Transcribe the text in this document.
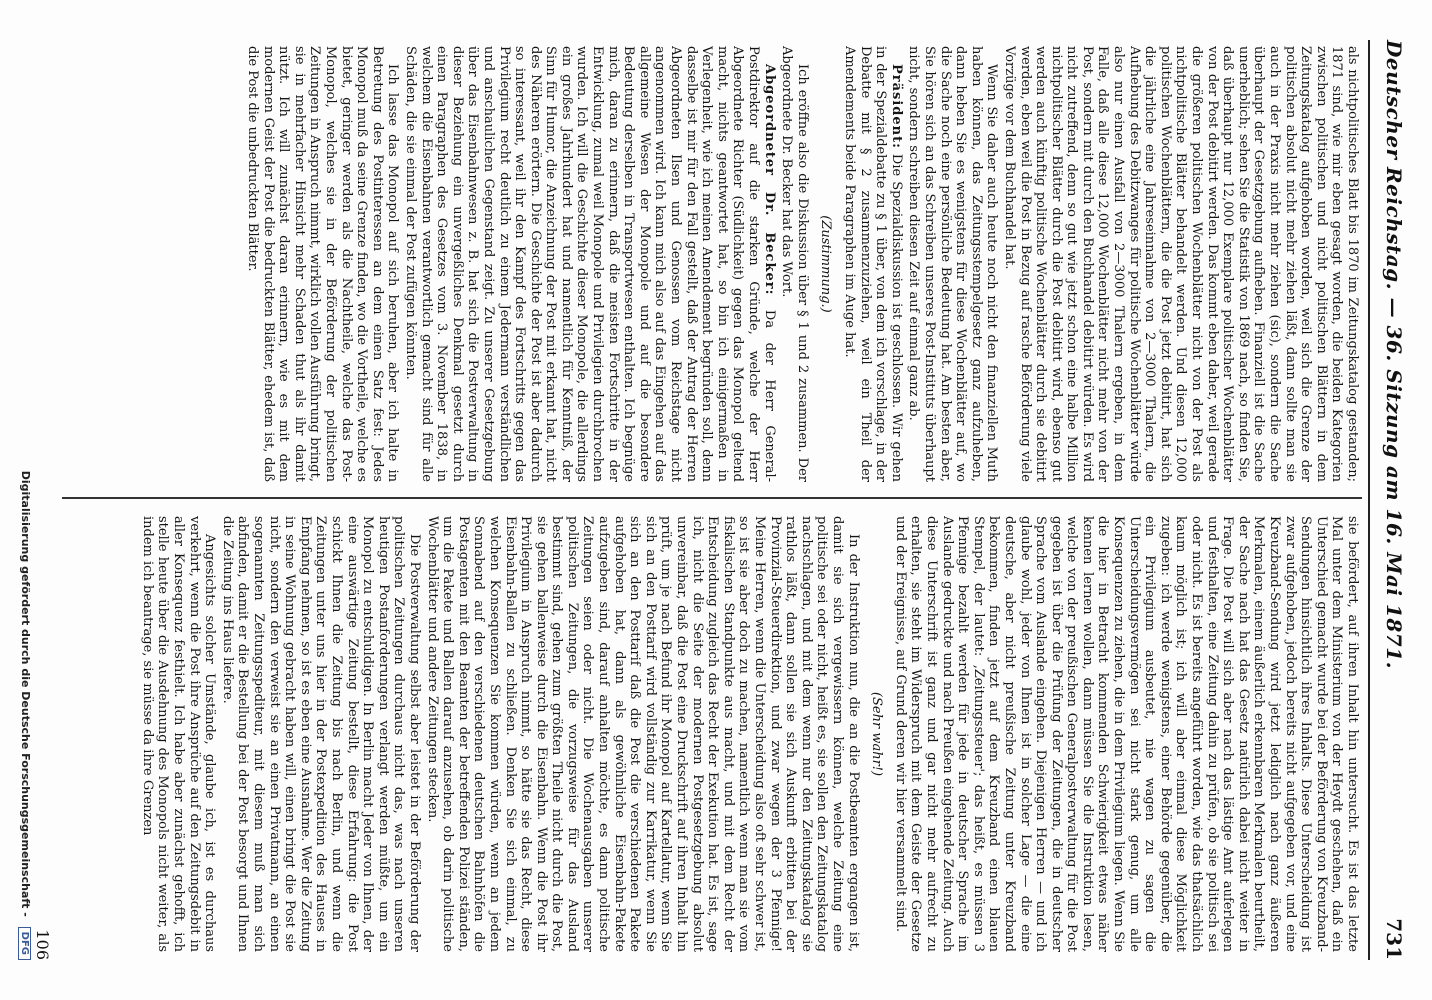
Deutscher Reichstag. — 36. Sitzung am 16. Mai 1871.
731

als nichtpolitisches Blatt bis 1870 im Zeitungskatalog gestanden; 1871 sind, wie mir eben gesagt worden, die beiden Kategorien zwischen politischen und nicht politischen Blättern in dem Zeitungskatalog aufgehoben worden, weil sich die Grenze der politischen absolut nicht mehr ziehen läßt, dann sollte man sie auch in der Praxis nicht mehr ziehen (sic), sondern die Sache überhaupt der Gesetzgebung aufheben. Finanziell ist die Sache unerheblich; sehen Sie die Statistik von 1869 nach, so finden Sie, daß überhaupt nur 12,000 Exemplare politischer Wochenblätter von der Post debitirt werden. Das kommt eben daher, weil gerade die größeren politischen Wochenblätter nicht von der Post als nichtpolitische Blätter behandelt werden. Und diesen 12,000 politischen Wochenblättern, die die Post jetzt debitirt, hat sich die jährliche eine Jahreseinnahme von 2—3000 Thalern, die Aufhebung des Debitzwanges für politische Wochenblätter würde also nur einen Ausfall von 2—3000 Thalern ergeben, in dem Falle, daß alle diese 12,000 Wochenblätter nicht mehr von der Post, sondern mit durch den Buchhandel debitirt würden. Es wird nicht zutreffend, denn so gut wie jetzt schon eine halbe Million nichtpolitischer Blätter durch die Post debitirt wird, ebenso gut werden auch künftig politische Wochenblätter durch sie debitirt werden, eben weil die Post in Bezug auf rasche Beförderung viele Vorzüge vor dem Buchhandel hat.

Wenn Sie daher auch heute noch nicht den finanziellen Muth haben können, das Zeitungsstempelgesetz ganz aufzuheben, dann heben Sie es wenigstens für diese Wochenblätter auf, wo die Sache noch eine persönliche Bedeutung hat. Am besten aber, Sie hören sich an das Schreiben unseres Post-Instituts überhaupt nicht, sondern schreiben diesen Zeit auf einmal ganz ab.

Präsident: Die Spezialdiskussion ist geschlossen. Wir gehen in der Spezialdebatte zu § 1 über, von dem ich vorschlage, in der Debatte mit § 2 zusammenzuziehen, weil ein Theil der Amendements beide Paragraphen im Auge hat.

(Zustimmung.)

Ich eröffne also die Diskussion über § 1 und 2 zusammen. Der Abgeordnete Dr. Becker hat das Wort.

Abgeordneter Dr. Becker: Da der Herr General-Postdirektor auf die starken Gründe, welche der Herr Abgeordnete Richter (Südlichkeit) gegen das Monopol geltend macht, nichts geantwortet hat, so bin ich einigermaßen in Verlegenheit, wie ich meinen Amendement begründen soll, denn dasselbe ist mir für den Fall gestellt, daß der Antrag der Herren Abgeordneten Ilsen und Genossen vom Reichstage nicht angenommen wird. Ich kann mich also auf das Eingehen auf das allgemeine Wesen der Monopole und auf die besondere Bedeutung derselben in Transportwesen enthalten. Ich begnüge mich, daran zu erinnern, daß die meisten Fortschritte in der Entwicklung, zumal weil Monopole und Privilegien durchbrochen wurden. Ich will die Geschichte dieser Monopole, die allerdings ein großes Jahrhundert hat und namentlich für Kenntniß, der Sinn für Humor, die Anzeichnung der Post mit erkannt hat, nicht des Näheren erörtern. Die Geschichte der Post ist aber dadurch so interessant, weil ihr den Kampf des Fortschritts gegen das Privilegium recht deutlich zu einem Jedermann verständlichen und anschaulichen Gegenstand zeigt. Zu unserer Gesetzgebung über das Eisenbahnwesen z. B. hat sich die Postverwaltung in dieser Beziehung ein unvergeßliches Denkmal gesetzt durch einen Paragraphen des Gesetzes vom 3. November 1838, in welchem die Eisenbahnen verantwortlich gemacht sind für alle Schäden, die sie einmal der Post zufügen könnten.

Ich lasse das Monopol auf sich beruhen, aber ich halte in Betretung des Postinteressen an dem einen Satz fest: Jedes Monopol muß da seine Grenze finden, wo die Vortheile, welche es bietet, geringer werden als die Nachtheile, welche das Post-Monopol, welches sie in der Beförderung der politischen Zeitungen in Anspruch nimmt, wirklich vollen Ausführung bringt, sie in mehrfacher Hinsicht mehr Schaden thut als ihr damit nützt. Ich will zunächst daran erinnern, wie es mit dem modernen Geist der Post die bedruckten Blätter, ehedem ist, daß die Post die unbedruckten Blätter.

sie befördert, auf ihren Inhalt hin untersucht. Es ist das letzte Mal unter dem Ministerium von der Heydt geschehen, daß ein Unterschied gemacht wurde bei der Beförderung von Kreuzband-Sendungen hinsichtlich ihres Inhalts. Diese Unterscheidung ist zwar aufgehoben, jedoch bereits nicht aufgegeben vor, und eine Kreuzband-Sendung wird jetzt lediglich nach ganz äußeren Merkmalen, einem äußerlich erkennbaren Merkmalen beurtheilt, der Sache nach hat das Gesetz natürlich dabei nicht weiter in Frage. Die Post will sich aber nach das lästige Amt auferlegen und festhalten, eine Zeitung dahin zu prüfen, ob sie politisch sei oder nicht. Es ist bereits angeführt worden, wie das thatsächlich kaum möglich ist; ich will aber einmal diese Möglichkeit zugeben: ich werde wenigstens, einer Behörde gegenüber, die ein Privilegium ausbeutet, nie wagen zu sagen die Unterscheidungsvermögen sei nicht stark genug, um alle Konsequenzen zu ziehen, die in dem Privilegium liegen. Wenn Sie die hier in Betracht kommenden Schwierigkeit etwas näher kennen lernen wollen, dann müssen Sie die Instruktion lesen, welche von der preußischen Generalpostverwaltung für die Post gegeben ist über die Prüfung der Zeitungen, die in deutscher Sprache vom Auslande eingehen. Diejenigen Herren — und ich glaube wohl, jeder von Ihnen ist in solcher Lage — die eine deutsche, aber nicht preußische Zeitung unter Kreuzband bekommen, finden jetzt auf dem Kreuzband einen blauen Stempel, der lautet: ‚Zeitungssteuer'; das heißt, es müssen 3 Pfennige bezahlt werden für jede in deutscher Sprache im Auslande gedruckte und nach Preußen eingehende Zeitung. Auch diese Unterschrift ist ganz und gar nicht mehr aufrecht zu erhalten, sie steht im Widerspruch mit dem Geiste der Gesetze und der Ereignisse, auf Grund deren wir hier versammelt sind.

(Sehr wahr!)

In der Instruktion nun, die an die Postbeamten ergangen ist, damit sie sich vergewissern können, welche Zeitung eine politische sei oder nicht, heißt es, sie sollen den Zeitungskatalog nachschlagen, und mit dem wenn nur den Zeitungskatalog sie rathlos läßt, dann sollen sie sich Auskunft erbitten bei der Provinzial-Steuerdirektion, und zwar wegen der 3 Pfennige! Meine Herren, wenn die Unterscheidung also oft sehr schwer ist, so ist sie aber doch zu machen, namentlich wenn man sie vom fiskalischen Standpunkte aus macht, und mit dem Recht der Entscheidung zugleich das Recht der Exekution hat. Es ist, sage ich, nicht die Seite der modernen Postgesetzgebung absolut unvereinbar, daß die Post eine Druckschrift auf ihren Inhalt hin prüft, um je nach Befund ihr Monopol auf Kartellatur, wenn Sie sich an den Posttarif wird vollständig zur Karrikatur, wenn Sie sich an den Posttarif daß die Post die verschiedenen Pakete aufgehoben hat, dann als gewöhnliche Eisenbahn-Pakete aufzugeben sind, darauf anhalten möchte, es dann politische Zeitungen seien oder nicht. Die Wochenausgaben unserer politischen Zeitungen, die vorzugsweise für das Ausland bestimmt sind, gehen zum größten Theile nicht durch die Post, sie gehen ballenweise durch die Eisenbahn. Wenn die Post ihr Privilegium in Anspruch nimmt, so hätte sie das Recht, diese Eisenbahn-Ballen zu schließen. Denken Sie sich einmal, zu welchen Konsequenzen Sie kommen würden, wenn an jedem Sonnabend auf den verschiedenen deutschen Bahnhöfen die Postagenten mit den Beamten der betreffenden Polizei ständen, um die Pakete und Ballen darauf anzusehen, ob darin politische Wochenblätter und andere Zeitungen stecken.

Die Postverwaltung selbst aber leistet in der Beförderung der politischen Zeitungen durchaus nicht das, was nach unseren heutigen Postanforderungen verlangt werden müßte, um ein Monopol zu entschuldigen. In Berlin macht Jeder von Ihnen, der eine auswärtige Zeitung bestellt, diese Erfahrung: die Post schickt Ihnen die Zeitung bis nach Berlin, und wenn die Zeitungen unter uns hier in der Postexpedition des Hauses in Empfang nehmen, so ist es eben eine Ausnahme. Wer die Zeitung in seine Wohnung gebracht haben will, einen bringt die Post sie nicht, sondern den verweist sie an einen Privatmann, an einen sogenannten Zeitungsspediteur, mit diesem muß man sich abfinden, damit er die Bestellung bei der Post besorgt und Ihnen die Zeitung ins Haus liefere.

Angesichts solcher Umstände, glaube ich, ist es durchaus verkehrt, wenn die Post ihre Ansprüche auf den Zeitungsdebit in aller Konsequenz festhielt. Ich habe aber zunächst gehofft, ich stelle heute über die Ausdehnung des Monopols nicht weiter, als indem ich beantrage, sie müsse da ihre Grenzen

106
Digitalisierung gefördert durch die Deutsche Forschungsgemeinschaft - DFG
